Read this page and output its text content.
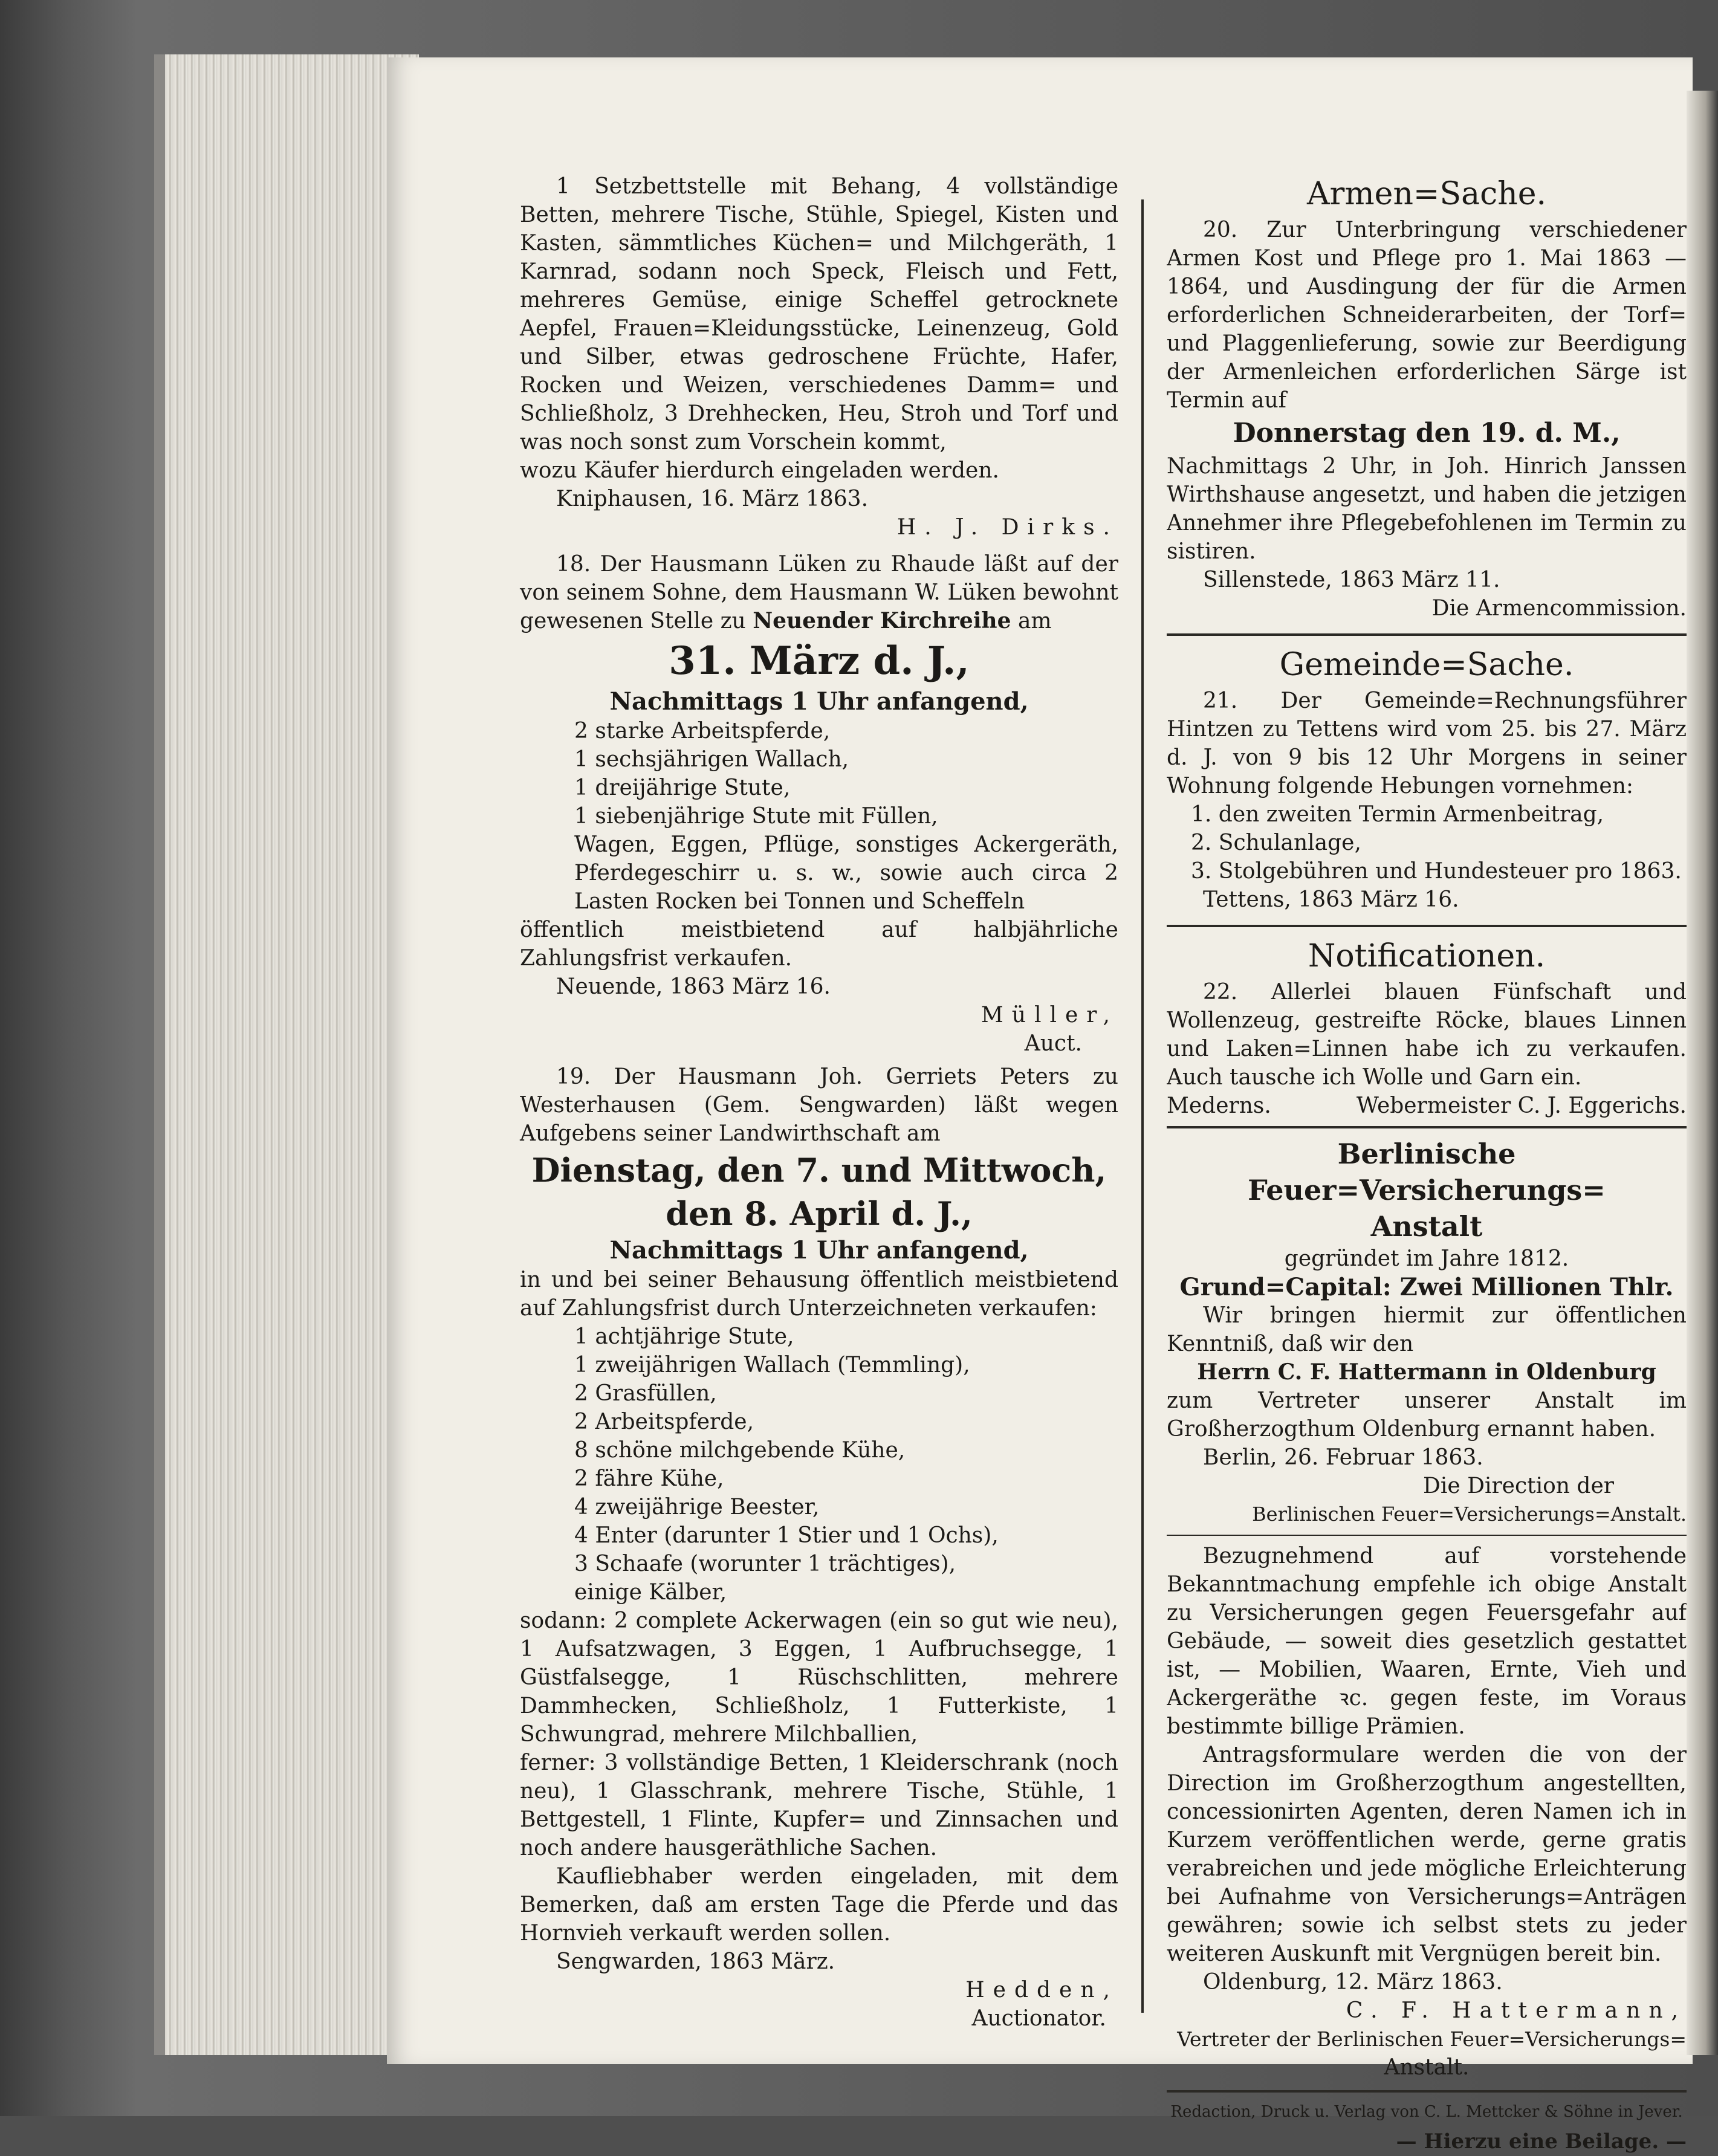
1 Setzbettstelle mit Behang, 4 vollständige Betten, mehrere Tische, Stühle, Spiegel, Kisten und Kasten, sämmtliches Küchen= und Milchgeräth, 1 Karnrad, sodann noch Speck, Fleisch und Fett, mehreres Gemüse, einige Scheffel getrocknete Aepfel, Frauen=Kleidungsstücke, Leinenzeug, Gold und Silber, etwas gedroschene Früchte, Hafer, Rocken und Weizen, verschiedenes Damm= und Schließholz, 3 Drehhecken, Heu, Stroh und Torf und was noch sonst zum Vorschein kommt,

wozu Käufer hierdurch eingeladen werden.

Kniphausen, 16. März 1863.

H. J. Dirks.

18. Der Hausmann Lüken zu Rhaude läßt auf der von seinem Sohne, dem Hausmann W. Lüken bewohnt gewesenen Stelle zu Neuender Kirchreihe am

31. März d. J.,

Nachmittags 1 Uhr anfangend,

2 starke Arbeitspferde,
1 sechsjährigen Wallach,
1 dreijährige Stute,
1 siebenjährige Stute mit Füllen,
Wagen, Eggen, Pflüge, sonstiges Ackergeräth, Pferdegeschirr u. s. w., sowie auch circa 2 Lasten Rocken bei Tonnen und Scheffeln

öffentlich meistbietend auf halbjährliche Zahlungsfrist verkaufen.

Neuende, 1863 März 16.

Müller,

Auct.

19. Der Hausmann Joh. Gerriets Peters zu Westerhausen (Gem. Sengwarden) läßt wegen Aufgebens seiner Landwirthschaft am

Dienstag, den 7. und Mittwoch,

den 8. April d. J.,

Nachmittags 1 Uhr anfangend,

in und bei seiner Behausung öffentlich meistbietend auf Zahlungsfrist durch Unterzeichneten verkaufen:

1 achtjährige Stute,
1 zweijährigen Wallach (Temmling),
2 Grasfüllen,
2 Arbeitspferde,
8 schöne milchgebende Kühe,
2 fähre Kühe,
4 zweijährige Beester,
4 Enter (darunter 1 Stier und 1 Ochs),
3 Schaafe (worunter 1 trächtiges),
einige Kälber,

sodann: 2 complete Ackerwagen (ein so gut wie neu), 1 Aufsatzwagen, 3 Eggen, 1 Aufbruchsegge, 1 Güstfalsegge, 1 Rüschschlitten, mehrere Dammhecken, Schließholz, 1 Futterkiste, 1 Schwungrad, mehrere Milchballien,

ferner: 3 vollständige Betten, 1 Kleiderschrank (noch neu), 1 Glasschrank, mehrere Tische, Stühle, 1 Bettgestell, 1 Flinte, Kupfer= und Zinnsachen und noch andere hausgeräthliche Sachen.

Kaufliebhaber werden eingeladen, mit dem Bemerken, daß am ersten Tage die Pferde und das Hornvieh verkauft werden sollen.

Sengwarden, 1863 März.

Hedden,

Auctionator.

Armen=Sache.

20. Zur Unterbringung verschiedener Armen Kost und Pflege pro 1. Mai 1863 — 1864, und Ausdingung der für die Armen erforderlichen Schneiderarbeiten, der Torf= und Plaggenlieferung, sowie zur Beerdigung der Armenleichen erforderlichen Särge ist Termin auf

Donnerstag den 19. d. M.,

Nachmittags 2 Uhr, in Joh. Hinrich Janssen Wirthshause angesetzt, und haben die jetzigen Annehmer ihre Pflegebefohlenen im Termin zu sistiren.

Sillenstede, 1863 März 11.

Die Armencommission.

Gemeinde=Sache.

21. Der Gemeinde=Rechnungsführer Hintzen zu Tettens wird vom 25. bis 27. März d. J. von 9 bis 12 Uhr Morgens in seiner Wohnung folgende Hebungen vornehmen:

1. den zweiten Termin Armenbeitrag,
2. Schulanlage,
3. Stolgebühren und Hundesteuer pro 1863.

Tettens, 1863 März 16.

Notificationen.

22. Allerlei blauen Fünfschaft und Wollenzeug, gestreifte Röcke, blaues Linnen und Laken=Linnen habe ich zu verkaufen. Auch tausche ich Wolle und Garn ein.

Mederns.	Webermeister C. J. Eggerichs.

Berlinische Feuer=Versicherungs=

Anstalt

gegründet im Jahre 1812.

Grund=Capital: Zwei Millionen Thlr.

Wir bringen hiermit zur öffentlichen Kenntniß, daß wir den

Herrn C. F. Hattermann in Oldenburg

zum Vertreter unserer Anstalt im Großherzogthum Oldenburg ernannt haben.

Berlin, 26. Februar 1863.

Die Direction der

Berlinischen Feuer=Versicherungs=Anstalt.

Bezugnehmend auf vorstehende Bekanntmachung empfehle ich obige Anstalt zu Versicherungen gegen Feuersgefahr auf Gebäude, — soweit dies gesetzlich gestattet ist, — Mobilien, Waaren, Ernte, Vieh und Ackergeräthe ꝛc. gegen feste, im Voraus bestimmte billige Prämien.

Antragsformulare werden die von der Direction im Großherzogthum angestellten, concessionirten Agenten, deren Namen ich in Kurzem veröffentlichen werde, gerne gratis verabreichen und jede mögliche Erleichterung bei Aufnahme von Versicherungs=Anträgen gewähren; sowie ich selbst stets zu jeder weiteren Auskunft mit Vergnügen bereit bin.

Oldenburg, 12. März 1863.

C. F. Hattermann,

Vertreter der Berlinischen Feuer=Versicherungs=

Anstalt.

Redaction, Druck u. Verlag von C. L. Mettcker & Söhne in Jever.

— Hierzu eine Beilage. —
